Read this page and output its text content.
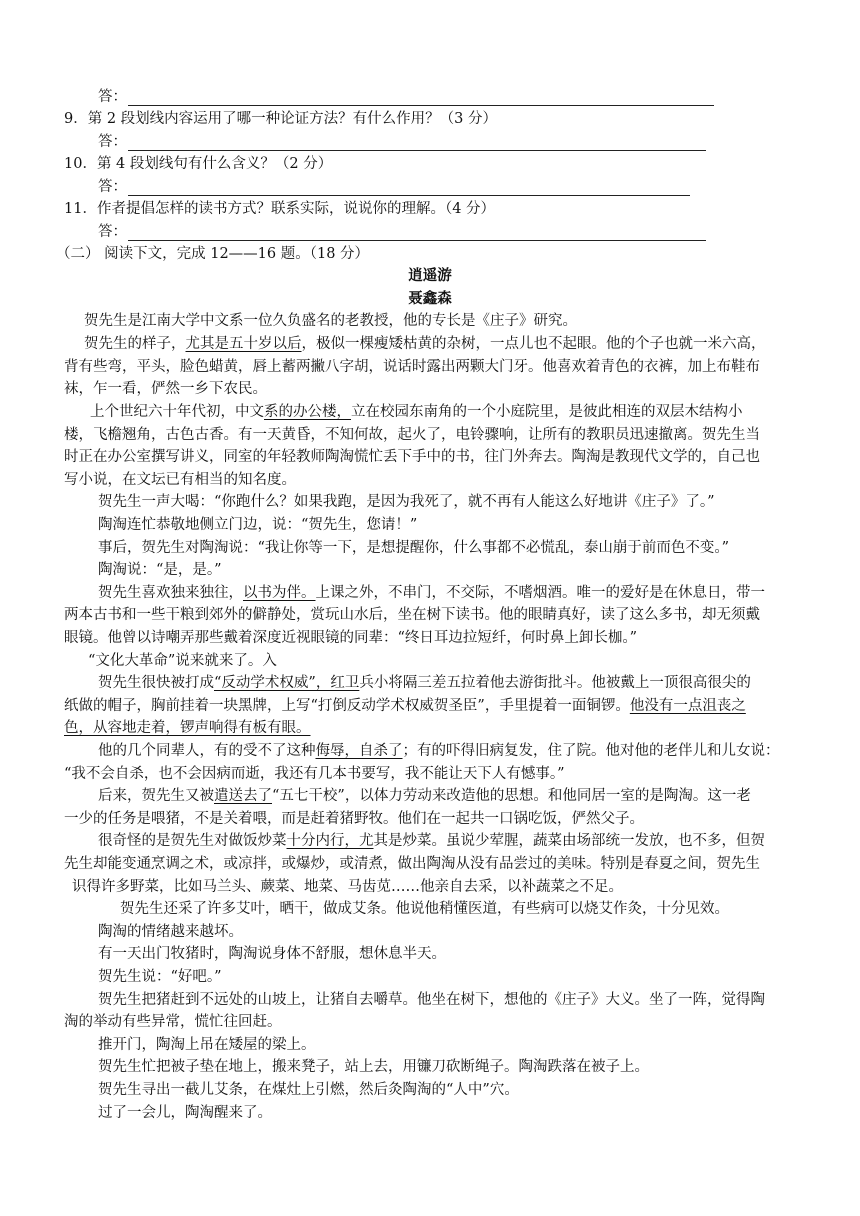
答：
9．第 2 段划线内容运用了哪一种论证方法？有什么作用？（3 分）
答：
10．第 4 段划线句有什么含义？（2 分）
答：
11．作者提倡怎样的读书方式？联系实际，说说你的理解。（4 分）
答：
（二） 阅读下文，完成 12——16 题。（18 分）
逍遥游
聂鑫森
贺先生是江南大学中文系一位久负盛名的老教授，他的专长是《庄子》研究。
贺先生的样子，尤其是五十岁以后，极似一棵瘦矮枯黄的杂树，一点儿也不起眼。他的个子也就一米六高，
背有些弯，平头，脸色蜡黄，唇上蓄两撇八字胡，说话时露出两颗大门牙。他喜欢着青色的衣裤，加上布鞋布
袜，乍一看，俨然一乡下农民。
上个世纪六十年代初，中文系的办公楼，立在校园东南角的一个小庭院里，是彼此相连的双层木结构小
楼，飞檐翘角，古色古香。有一天黄昏，不知何故，起火了，电铃骤响，让所有的教职员迅速撤离。贺先生当
时正在办公室撰写讲义，同室的年轻教师陶淘慌忙丢下手中的书，往门外奔去。陶淘是教现代文学的，自己也
写小说，在文坛已有相当的知名度。
贺先生一声大喝：“你跑什么？如果我跑，是因为我死了，就不再有人能这么好地讲《庄子》了。”
陶淘连忙恭敬地侧立门边，说：“贺先生，您请！”
事后，贺先生对陶淘说：“我让你等一下，是想提醒你，什么事都不必慌乱，泰山崩于前而色不变。”
陶淘说：“是，是。”
贺先生喜欢独来独往，以书为伴。上课之外，不串门，不交际，不嗜烟酒。唯一的爱好是在休息日，带一
两本古书和一些干粮到郊外的僻静处，赏玩山水后，坐在树下读书。他的眼睛真好，读了这么多书，却无须戴
眼镜。他曾以诗嘲弄那些戴着深度近视眼镜的同辈：“终日耳边拉短纤，何时鼻上卸长枷。”
“文化大革命”说来就来了。入
贺先生很快被打成“反动学术权威”，红卫兵小将隔三差五拉着他去游街批斗。他被戴上一顶很高很尖的
纸做的帽子，胸前挂着一块黑牌，上写“打倒反动学术权威贺圣臣”，手里提着一面铜锣。他没有一点沮丧之
色，从容地走着，锣声响得有板有眼。
他的几个同辈人，有的受不了这种侮辱，自杀了；有的吓得旧病复发，住了院。他对他的老伴儿和儿女说：
“我不会自杀，也不会因病而逝，我还有几本书要写，我不能让天下人有憾事。”
后来，贺先生又被遣送去了“五七干校”，以体力劳动来改造他的思想。和他同居一室的是陶淘。这一老
一少的任务是喂猪，不是关着喂，而是赶着猪野牧。他们在一起共一口锅吃饭，俨然父子。
很奇怪的是贺先生对做饭炒菜十分内行，尤其是炒菜。虽说少荤腥，蔬菜由场部统一发放，也不多，但贺
先生却能变通烹调之术，或凉拌，或爆炒，或清煮，做出陶淘从没有品尝过的美味。特别是春夏之间，贺先生
识得许多野菜，比如马兰头、蕨菜、地菜、马齿苋……他亲自去采，以补蔬菜之不足。
贺先生还采了许多艾叶，晒干，做成艾条。他说他稍懂医道，有些病可以烧艾作灸，十分见效。
陶淘的情绪越来越坏。
有一天出门牧猪时，陶淘说身体不舒服，想休息半天。
贺先生说：“好吧。”
贺先生把猪赶到不远处的山坡上，让猪自去嚼草。他坐在树下，想他的《庄子》大义。坐了一阵，觉得陶
淘的举动有些异常，慌忙往回赶。
推开门，陶淘上吊在矮屋的梁上。
贺先生忙把被子垫在地上，搬来凳子，站上去，用镰刀砍断绳子。陶淘跌落在被子上。
贺先生寻出一截儿艾条，在煤灶上引燃，然后灸陶淘的“人中”穴。
过了一会儿，陶淘醒来了。
